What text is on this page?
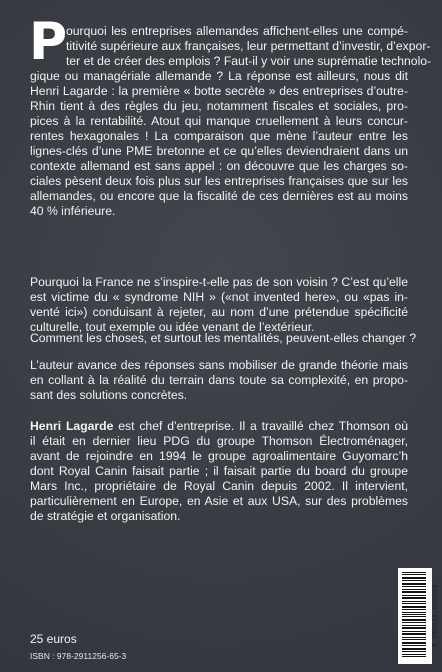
P
ourquoi les entreprises allemandes affichent-elles une compé-
titivité supérieure aux françaises, leur permettant d’investir, d’expor-
ter et de créer des emplois ? Faut-il y voir une suprématie technolo-
gique ou managériale allemande ? La réponse est ailleurs, nous dit
Henri Lagarde : la première « botte secrète » des entreprises d’outre-
Rhin tient à des règles du jeu, notamment fiscales et sociales, pro-
pices à la rentabilité. Atout qui manque cruellement à leurs concur-
rentes hexagonales ! La comparaison que mène l’auteur entre les
lignes-clés d’une PME bretonne et ce qu’elles deviendraient dans un
contexte allemand est sans appel : on découvre que les charges so-
ciales pèsent deux fois plus sur les entreprises françaises que sur les
allemandes, ou encore que la fiscalité de ces dernières est au moins
40 % inférieure.
Pourquoi la France ne s’inspire-t-elle pas de son voisin ? C’est qu’elle
est victime du « syndrome NIH » («not invented here», ou «pas in-
venté ici») conduisant à rejeter, au nom d’une prétendue spécificité
culturelle, tout exemple ou idée venant de l’extérieur.
Comment les choses, et surtout les mentalités, peuvent-elles changer ?
L’auteur avance des réponses sans mobiliser de grande théorie mais
en collant à la réalité du terrain dans toute sa complexité, en propo-
sant des solutions concrètes.
Henri Lagarde est chef d’entreprise. Il a travaillé chez Thomson où
il était en dernier lieu PDG du groupe Thomson Électroménager,
avant de rejoindre en 1994 le groupe agroalimentaire Guyomarc’h
dont Royal Canin faisait partie ; il faisait partie du board du groupe
Mars Inc., propriétaire de Royal Canin depuis 2002. Il intervient,
particulièrement en Europe, en Asie et aux USA, sur des problèmes
de stratégie et organisation.
25 euros
ISBN : 978-2911256-65-3
9 782911 256653
